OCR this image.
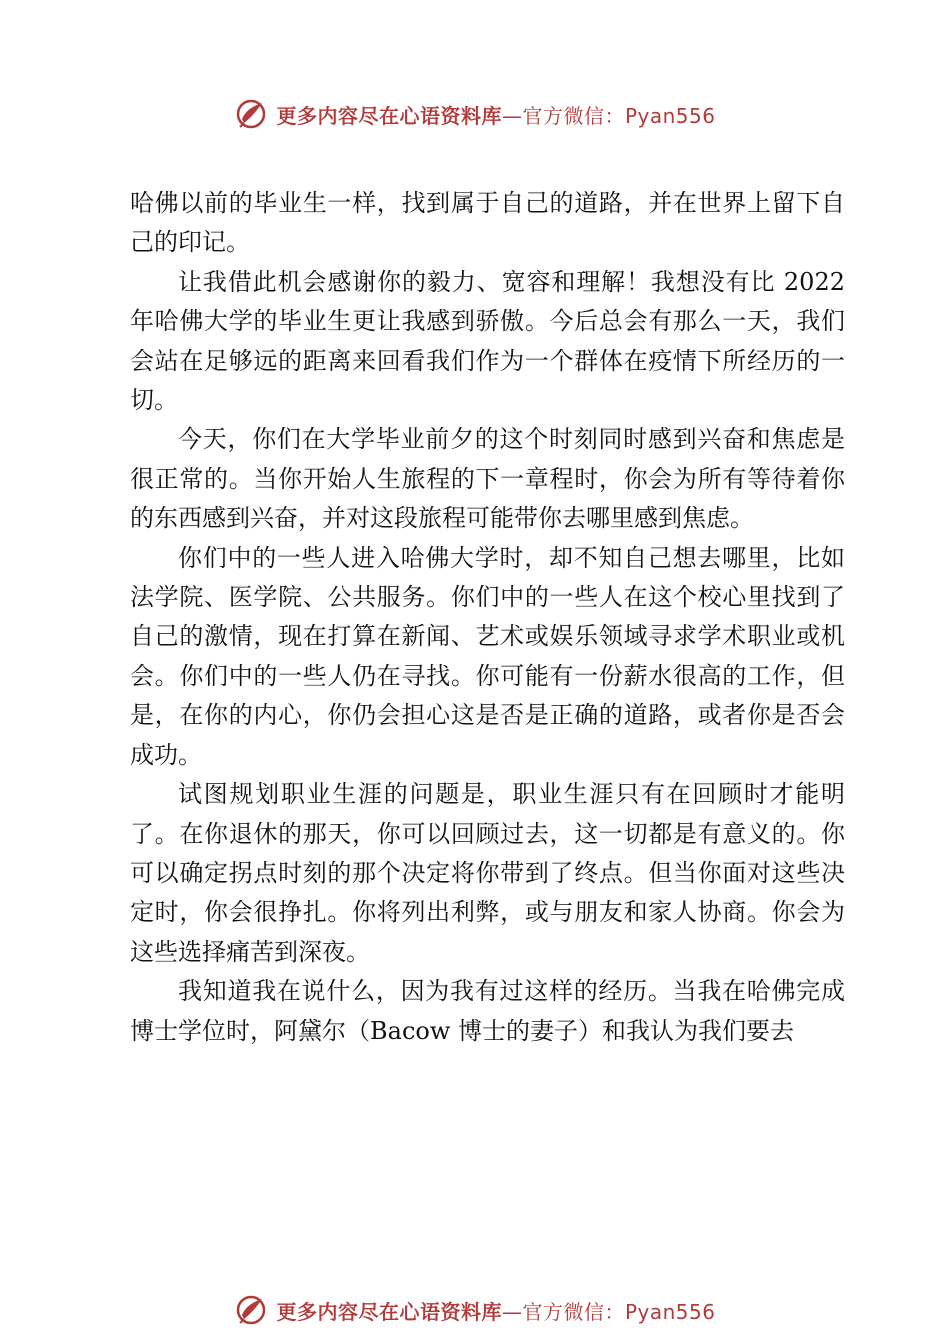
更多内容尽在心语资料库—官方微信：Pyan556

哈佛以前的毕业生一样，找到属于自己的道路，并在世界上留下自己的印记。

让我借此机会感谢你的毅力、宽容和理解！我想没有比 2022 年哈佛大学的毕业生更让我感到骄傲。今后总会有那么一天，我们会站在足够远的距离来回看我们作为一个群体在疫情下所经历的一切。

今天，你们在大学毕业前夕的这个时刻同时感到兴奋和焦虑是很正常的。当你开始人生旅程的下一章程时，你会为所有等待着你的东西感到兴奋，并对这段旅程可能带你去哪里感到焦虑。

你们中的一些人进入哈佛大学时，却不知自己想去哪里，比如法学院、医学院、公共服务。你们中的一些人在这个校心里找到了自己的激情，现在打算在新闻、艺术或娱乐领域寻求学术职业或机会。你们中的一些人仍在寻找。你可能有一份薪水很高的工作，但是，在你的内心，你仍会担心这是否是正确的道路，或者你是否会成功。

试图规划职业生涯的问题是，职业生涯只有在回顾时才能明了。在你退休的那天，你可以回顾过去，这一切都是有意义的。你可以确定拐点时刻的那个决定将你带到了终点。但当你面对这些决定时，你会很挣扎。你将列出利弊，或与朋友和家人协商。你会为这些选择痛苦到深夜。

我知道我在说什么，因为我有过这样的经历。当我在哈佛完成博士学位时，阿黛尔（Bacow 博士的妻子）和我认为我们要去

更多内容尽在心语资料库—官方微信：Pyan556
